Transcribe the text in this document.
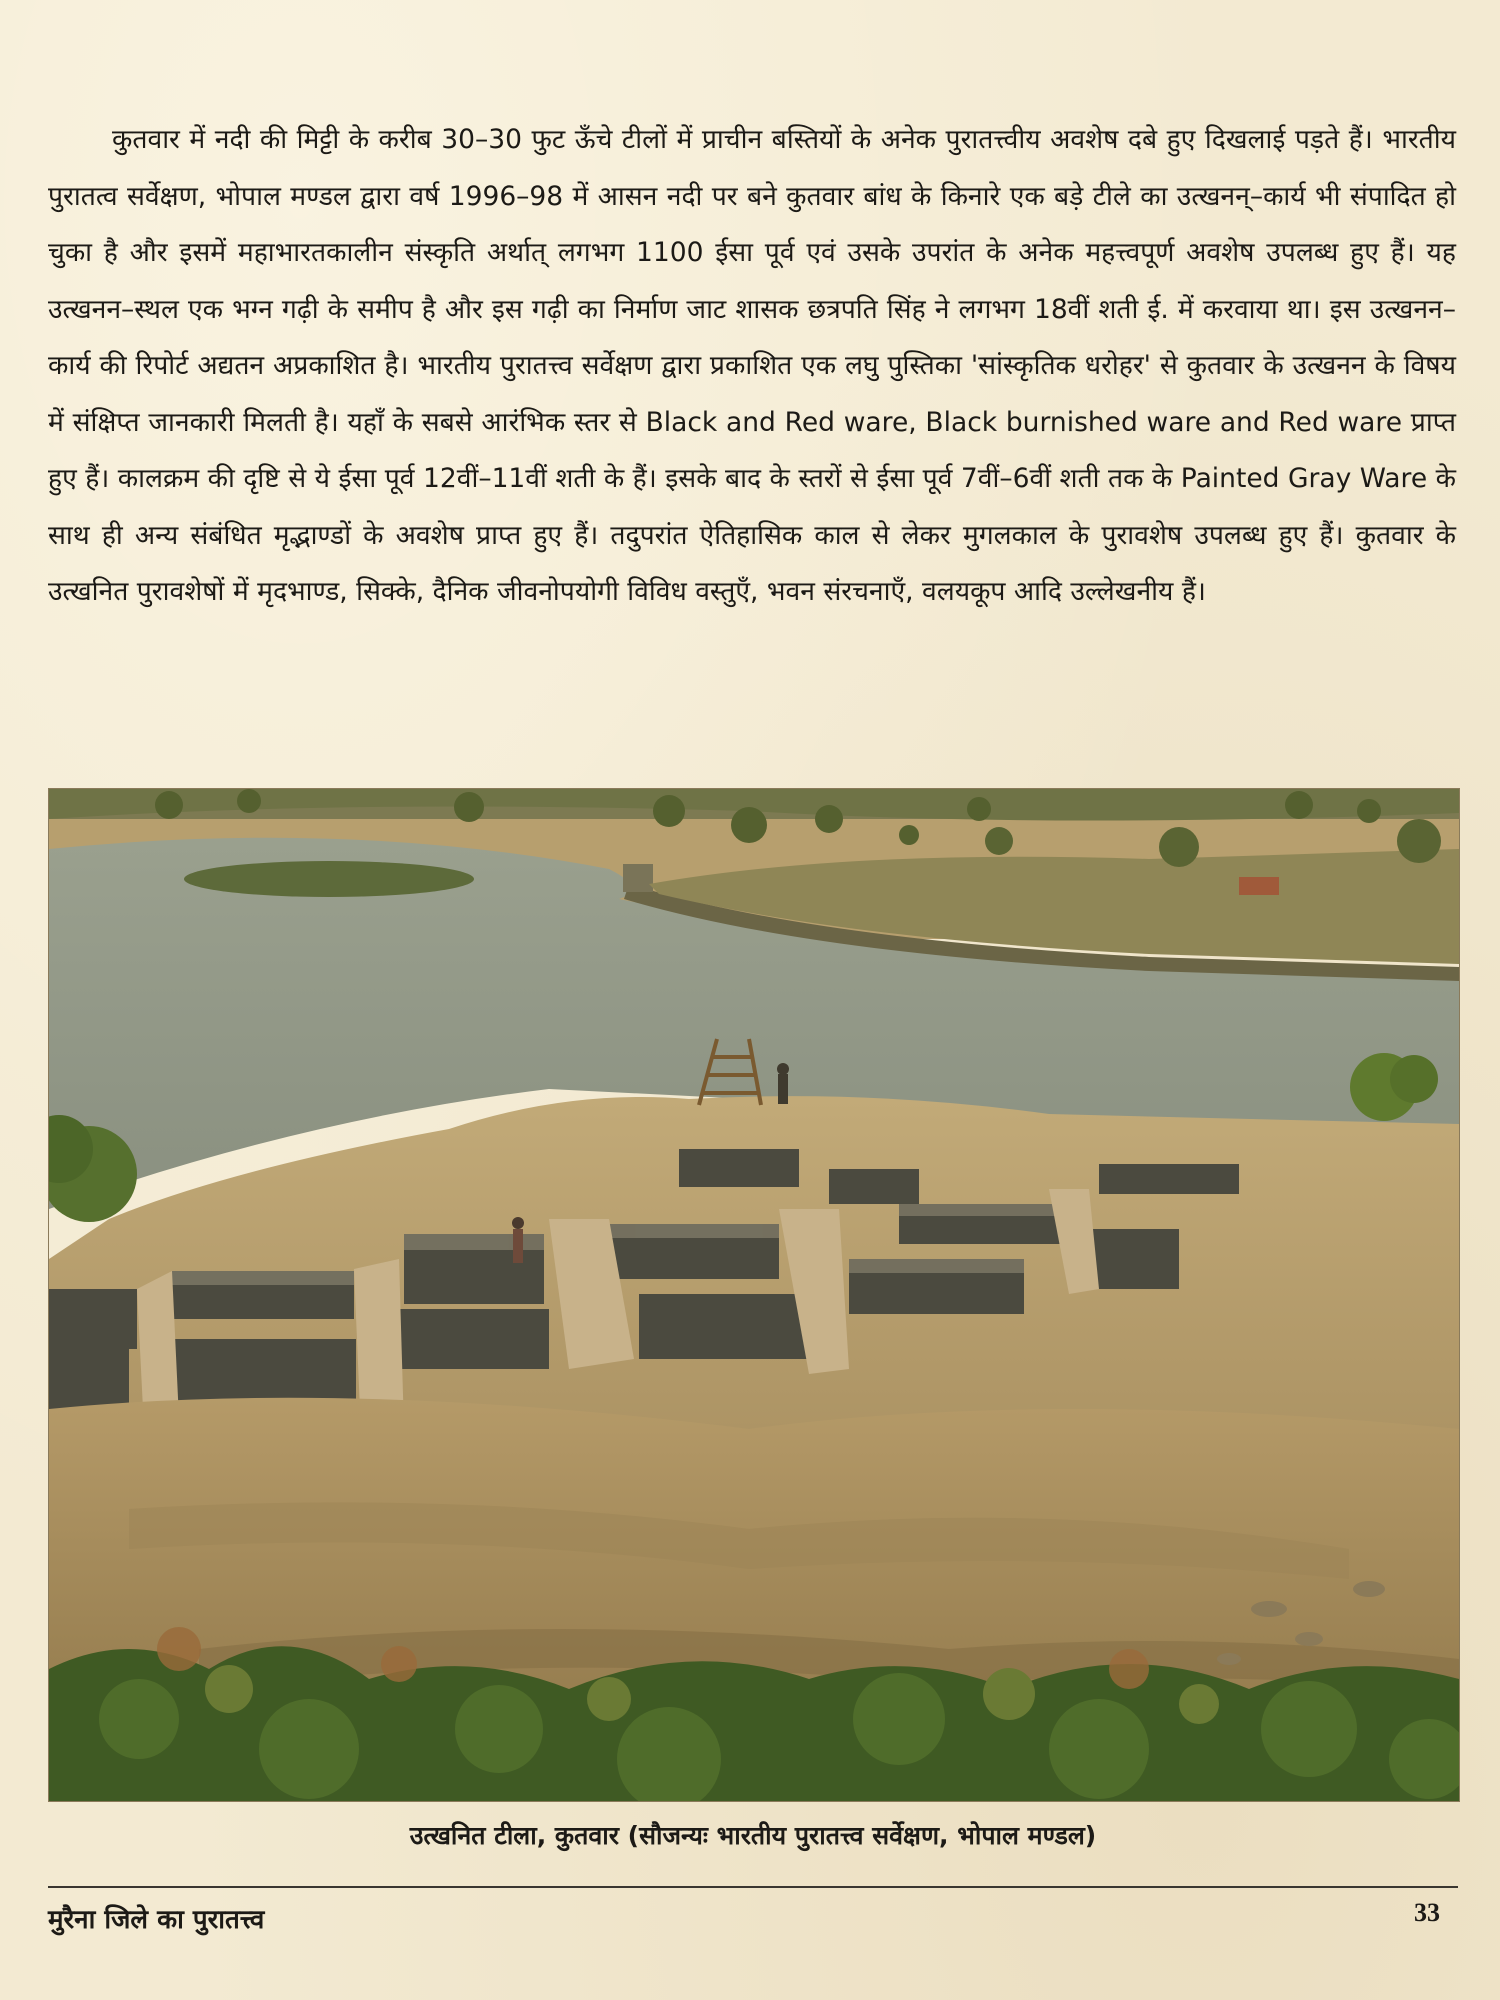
कुतवार में नदी की मिट्टी के करीब 30–30 फुट ऊँचे टीलों में प्राचीन बस्तियों के अनेक पुरातत्त्वीय अवशेष दबे हुए दिखलाई पड़ते हैं। भारतीय पुरातत्व सर्वेक्षण, भोपाल मण्डल द्वारा वर्ष 1996–98 में आसन नदी पर बने कुतवार बांध के किनारे एक बड़े टीले का उत्खनन्–कार्य भी संपादित हो चुका है और इसमें महाभारतकालीन संस्कृति अर्थात् लगभग 1100 ईसा पूर्व एवं उसके उपरांत के अनेक महत्त्वपूर्ण अवशेष उपलब्ध हुए हैं। यह उत्खनन–स्थल एक भग्न गढ़ी के समीप है और इस गढ़ी का निर्माण जाट शासक छत्रपति सिंह ने लगभग 18वीं शती ई. में करवाया था। इस उत्खनन–कार्य की रिपोर्ट अद्यतन अप्रकाशित है। भारतीय पुरातत्त्व सर्वेक्षण द्वारा प्रकाशित एक लघु पुस्तिका 'सांस्कृतिक धरोहर' से कुतवार के उत्खनन के विषय में संक्षिप्त जानकारी मिलती है। यहाँ के सबसे आरंभिक स्तर से Black and Red ware, Black burnished ware and Red ware प्राप्त हुए हैं। कालक्रम की दृष्टि से ये ईसा पूर्व 12वीं–11वीं शती के हैं। इसके बाद के स्तरों से ईसा पूर्व 7वीं–6वीं शती तक के Painted Gray Ware के साथ ही अन्य संबंधित मृद्भाण्डों के अवशेष प्राप्त हुए हैं। तदुपरांत ऐतिहासिक काल से लेकर मुगलकाल के पुरावशेष उपलब्ध हुए हैं। कुतवार के उत्खनित पुरावशेषों में मृदभाण्ड, सिक्के, दैनिक जीवनोपयोगी विविध वस्तुएँ, भवन संरचनाएँ, वलयकूप आदि उल्लेखनीय हैं।

उत्खनित टीला, कुतवार (सौजन्यः भारतीय पुरातत्त्व सर्वेक्षण, भोपाल मण्डल)

मुरैना जिले का पुरातत्त्व	33
